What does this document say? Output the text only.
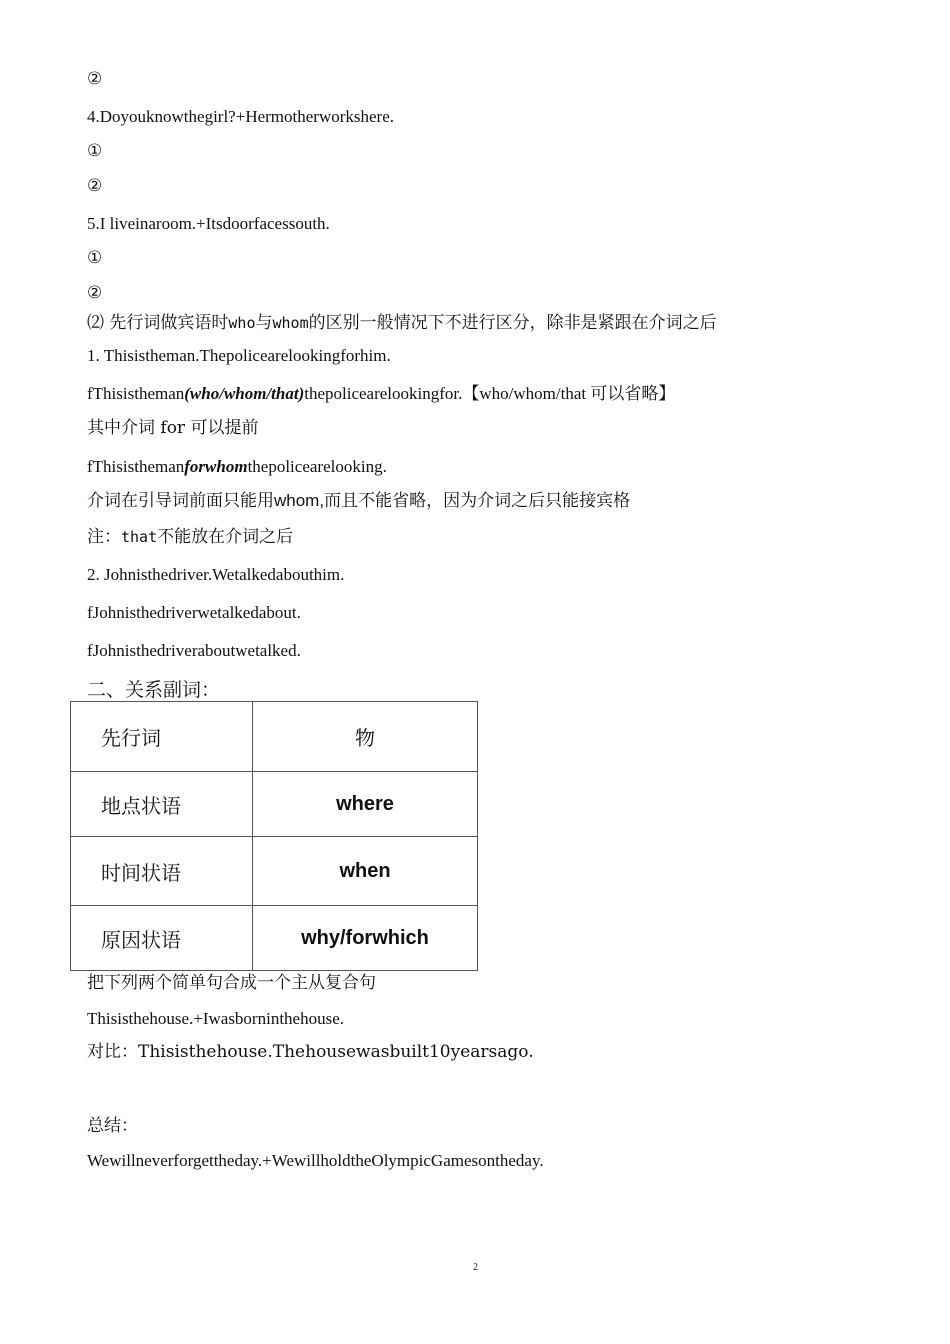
②
4.Doyouknowthegirl?+Hermotherworkshere.
①
②
5.I liveinaroom.+Itsdoorfacessouth.
①
②
⑵ 先行词做宾语时who与whom的区别一般情况下不进行区分，除非是紧跟在介词之后
1. Thisistheman.Thepolicearelookingforhim.
fThisistheman(who/whom/that)thepolicearelookingfor.【who/whom/that 可以省略】
其中介词 for 可以提前
fThisisthemanforwhomthepolicearelooking.
介词在引导词前面只能用whom,而且不能省略，因为介词之后只能接宾格
注：that不能放在介词之后
2. Johnisthedriver.Wetalkedabouthim.
fJohnisthedriverwetalkedabout.
fJohnisthedriveraboutwetalked.
二、关系副词：
先行词	物
地点状语	where
时间状语	when
原因状语	why/forwhich
把下列两个简单句合成一个主从复合句
Thisisthehouse.+Iwasborninthehouse.
对比：Thisisthehouse.Thehousewasbuilt10yearsago.
总结：
Wewillneverforgettheday.+WewillholdtheOlympicGamesontheday.
2
